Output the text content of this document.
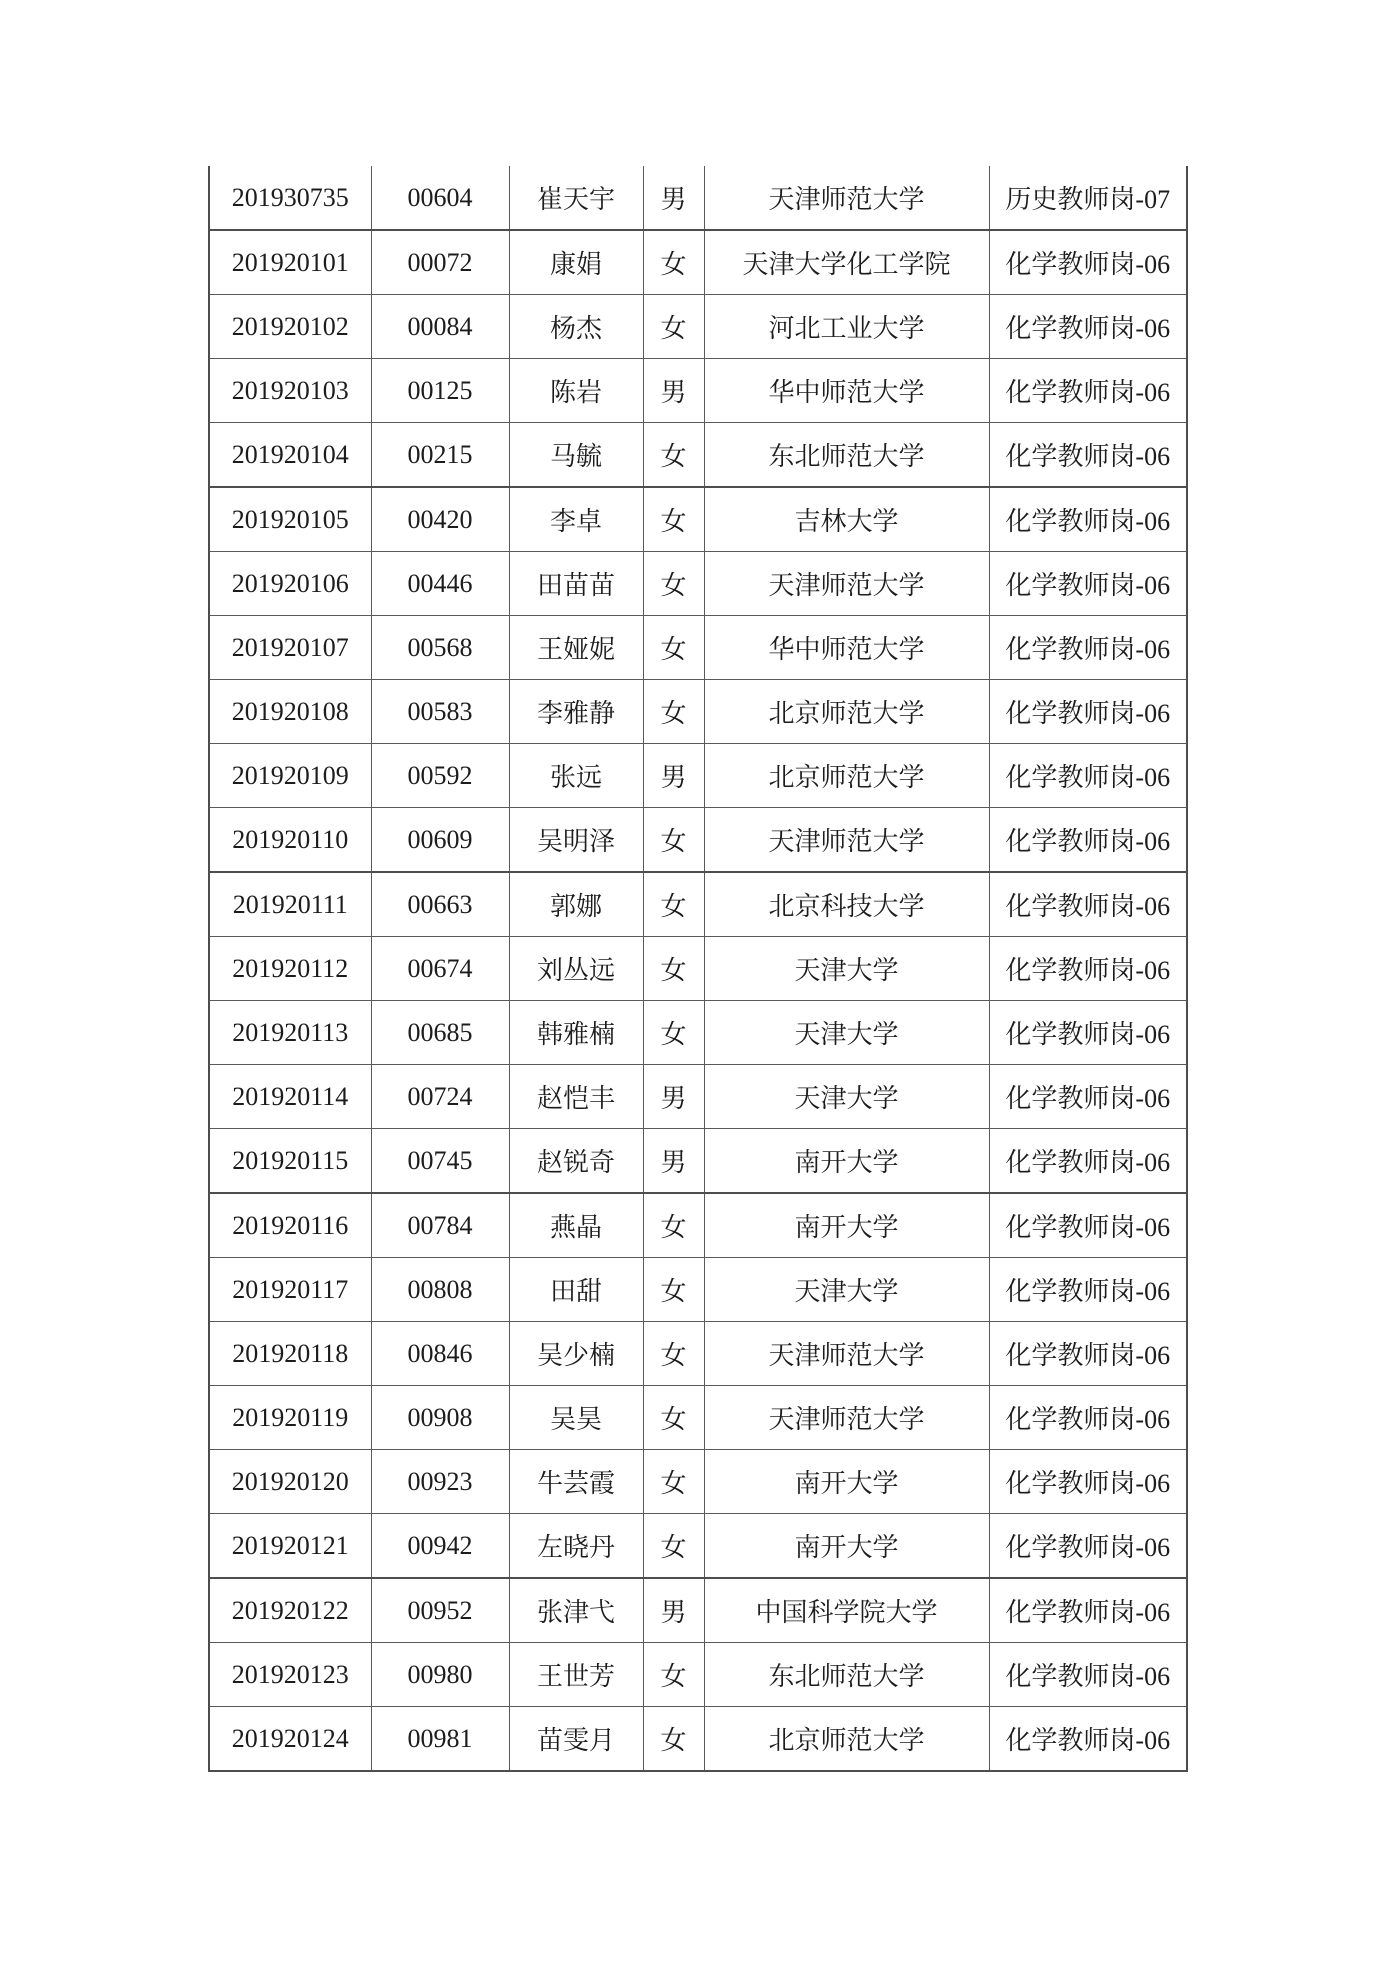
201930735	00604	崔天宇	男	天津师范大学	历史教师岗-07
201920101	00072	康娟	女	天津大学化工学院	化学教师岗-06
201920102	00084	杨杰	女	河北工业大学	化学教师岗-06
201920103	00125	陈岩	男	华中师范大学	化学教师岗-06
201920104	00215	马毓	女	东北师范大学	化学教师岗-06
201920105	00420	李卓	女	吉林大学	化学教师岗-06
201920106	00446	田苗苗	女	天津师范大学	化学教师岗-06
201920107	00568	王娅妮	女	华中师范大学	化学教师岗-06
201920108	00583	李雅静	女	北京师范大学	化学教师岗-06
201920109	00592	张远	男	北京师范大学	化学教师岗-06
201920110	00609	吴明泽	女	天津师范大学	化学教师岗-06
201920111	00663	郭娜	女	北京科技大学	化学教师岗-06
201920112	00674	刘丛远	女	天津大学	化学教师岗-06
201920113	00685	韩雅楠	女	天津大学	化学教师岗-06
201920114	00724	赵恺丰	男	天津大学	化学教师岗-06
201920115	00745	赵锐奇	男	南开大学	化学教师岗-06
201920116	00784	燕晶	女	南开大学	化学教师岗-06
201920117	00808	田甜	女	天津大学	化学教师岗-06
201920118	00846	吴少楠	女	天津师范大学	化学教师岗-06
201920119	00908	吴昊	女	天津师范大学	化学教师岗-06
201920120	00923	牛芸霞	女	南开大学	化学教师岗-06
201920121	00942	左晓丹	女	南开大学	化学教师岗-06
201920122	00952	张津弋	男	中国科学院大学	化学教师岗-06
201920123	00980	王世芳	女	东北师范大学	化学教师岗-06
201920124	00981	苗雯月	女	北京师范大学	化学教师岗-06
